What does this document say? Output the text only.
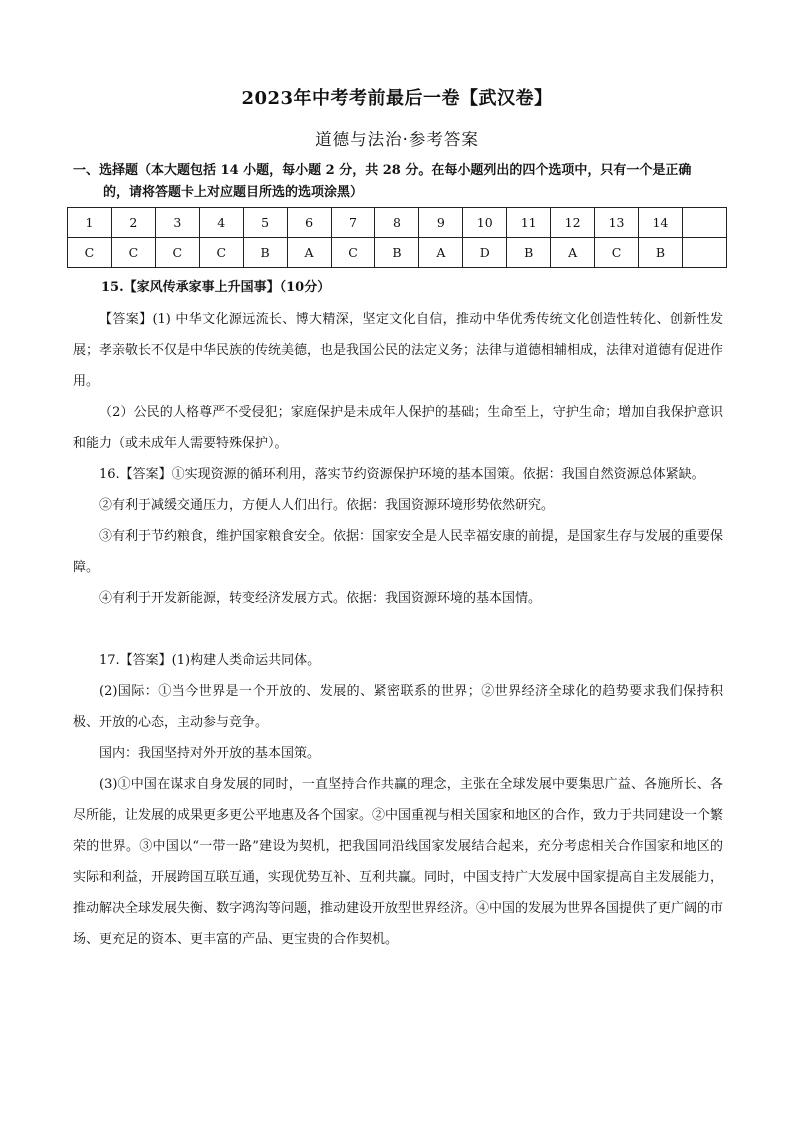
2023年中考考前最后一卷【武汉卷】
道德与法治·参考答案
一、选择题（本大题包括 14 小题，每小题 2 分，共 28 分。在每小题列出的四个选项中，只有一个是正确
的，请将答题卡上对应题目所选的选项涂黑）
1	2	3	4	5	6	7	8	9	10	11	12	13	14	
C	C	C	C	B	A	C	B	A	D	B	A	C	B	
15.【家风传承家事上升国事】（10分）

【答案】(1) 中华文化源远流长、博大精深，坚定文化自信，推动中华优秀传统文化创造性转化、创新性发展；孝亲敬长不仅是中华民族的传统美德，也是我国公民的法定义务；法律与道德相辅相成，法律对道德有促进作用。

（2）公民的人格尊严不受侵犯；家庭保护是未成年人保护的基础；生命至上，守护生命；增加自我保护意识和能力（或未成年人需要特殊保护）。

16.【答案】①实现资源的循环利用，落实节约资源保护环境的基本国策。依据：我国自然资源总体紧缺。

②有利于减缓交通压力，方便人人们出行。依据：我国资源环境形势依然研究。

③有利于节约粮食，维护国家粮食安全。依据：国家安全是人民幸福安康的前提，是国家生存与发展的重要保障。

④有利于开发新能源，转变经济发展方式。依据：我国资源环境的基本国情。

17.【答案】(1)构建人类命运共同体。

(2)国际：①当今世界是一个开放的、发展的、紧密联系的世界；②世界经济全球化的趋势要求我们保持积极、开放的心态，主动参与竞争。

国内：我国坚持对外开放的基本国策。

(3)①中国在谋求自身发展的同时，一直坚持合作共赢的理念，主张在全球发展中要集思广益、各施所长、各尽所能，让发展的成果更多更公平地惠及各个国家。②中国重视与相关国家和地区的合作，致力于共同建设一个繁荣的世界。③中国以“一带一路”建设为契机，把我国同沿线国家发展结合起来，充分考虑相关合作国家和地区的实际和利益，开展跨国互联互通，实现优势互补、互利共赢。同时，中国支持广大发展中国家提高自主发展能力，推动解决全球发展失衡、数字鸿沟等问题，推动建设开放型世界经济。④中国的发展为世界各国提供了更广阔的市场、更充足的资本、更丰富的产品、更宝贵的合作契机。
